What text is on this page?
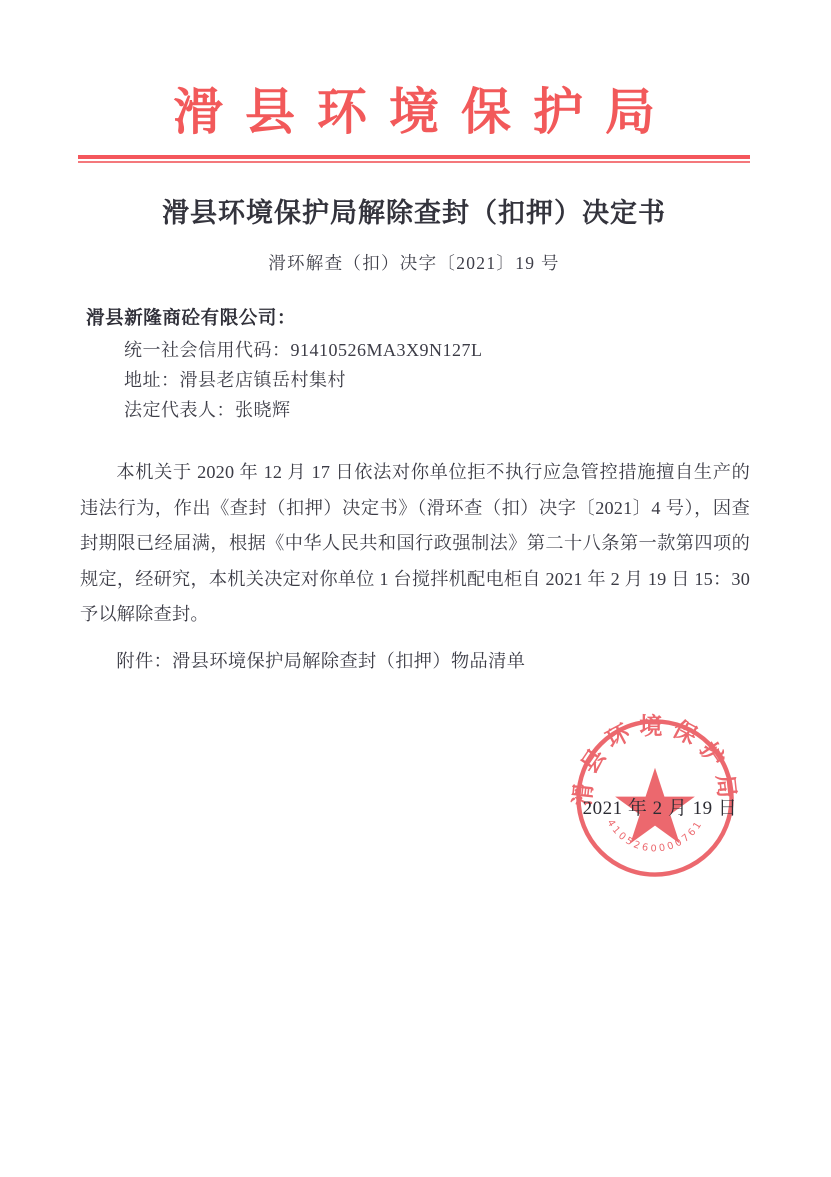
滑县环境保护局
滑县环境保护局解除查封（扣押）决定书
滑环解查（扣）决字〔2021〕19 号
滑县新隆商砼有限公司：
统一社会信用代码：91410526MA3X9N127L
地址：滑县老店镇岳村集村
法定代表人：张晓辉
本机关于 2020 年 12 月 17 日依法对你单位拒不执行应急管控措施擅自生产的违法行为，作出《查封（扣押）决定书》（滑环查（扣）决字〔2021〕4 号），因查封期限已经届满，根据《中华人民共和国行政强制法》第二十八条第一款第四项的规定，经研究，本机关决定对你单位 1 台搅拌机配电柜自 2021 年 2 月 19 日 15：30 予以解除查封。
附件：滑县环境保护局解除查封（扣押）物品清单
滑县环境保护局
4105260000761
2021 年 2 月 19 日
